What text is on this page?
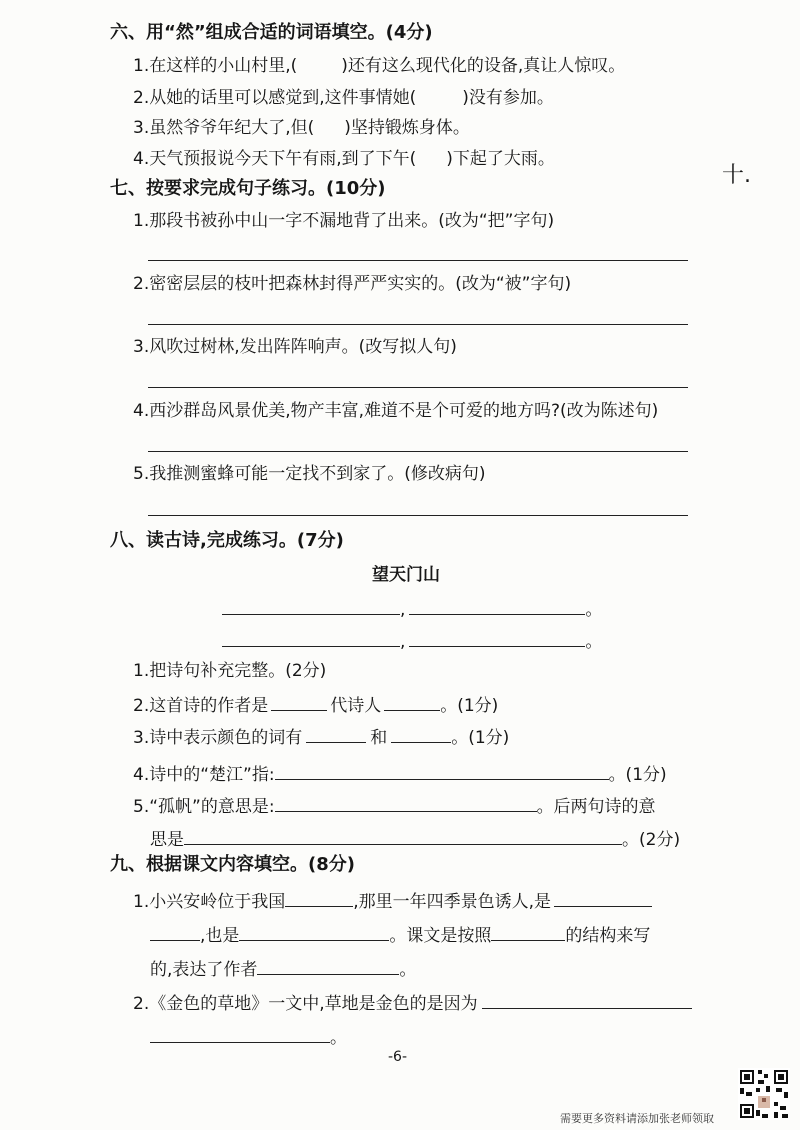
六、用“然”组成合适的词语填空。(4分)
1.在这样的小山村里,(	)还有这么现代化的设备,真让人惊叹。
2.从她的话里可以感觉到,这件事情她(	)没有参加。
3.虽然爷爷年纪大了,但( )坚持锻炼身体。
4.天气预报说今天下午有雨,到了下午( )下起了大雨。
十.
七、按要求完成句子练习。(10分)
1.那段书被孙中山一字不漏地背了出来。(改为“把”字句)
2.密密层层的枝叶把森林封得严严实实的。(改为“被”字句)
3.风吹过树林,发出阵阵响声。(改写拟人句)
4.西沙群岛风景优美,物产丰富,难道不是个可爱的地方吗?(改为陈述句)
5.我推测蜜蜂可能一定找不到家了。(修改病句)
八、读古诗,完成练习。(7分)
望天门山
,	。
,	。
1.把诗句补充完整。(2分)
2.这首诗的作者是	代诗人	。(1分)
3.诗中表示颜色的词有	和	。(1分)
4.诗中的“楚江”指:	。(1分)
5.“孤帆”的意思是:	。后两句诗的意
思是	。(2分)
九、根据课文内容填空。(8分)
1.小兴安岭位于我国	,那里一年四季景色诱人,是
,也是	。课文是按照	的结构来写
的,表达了作者	。
2.《金色的草地》一文中,草地是金色的是因为
。
-6-
需要更多资料请添加张老师领取
